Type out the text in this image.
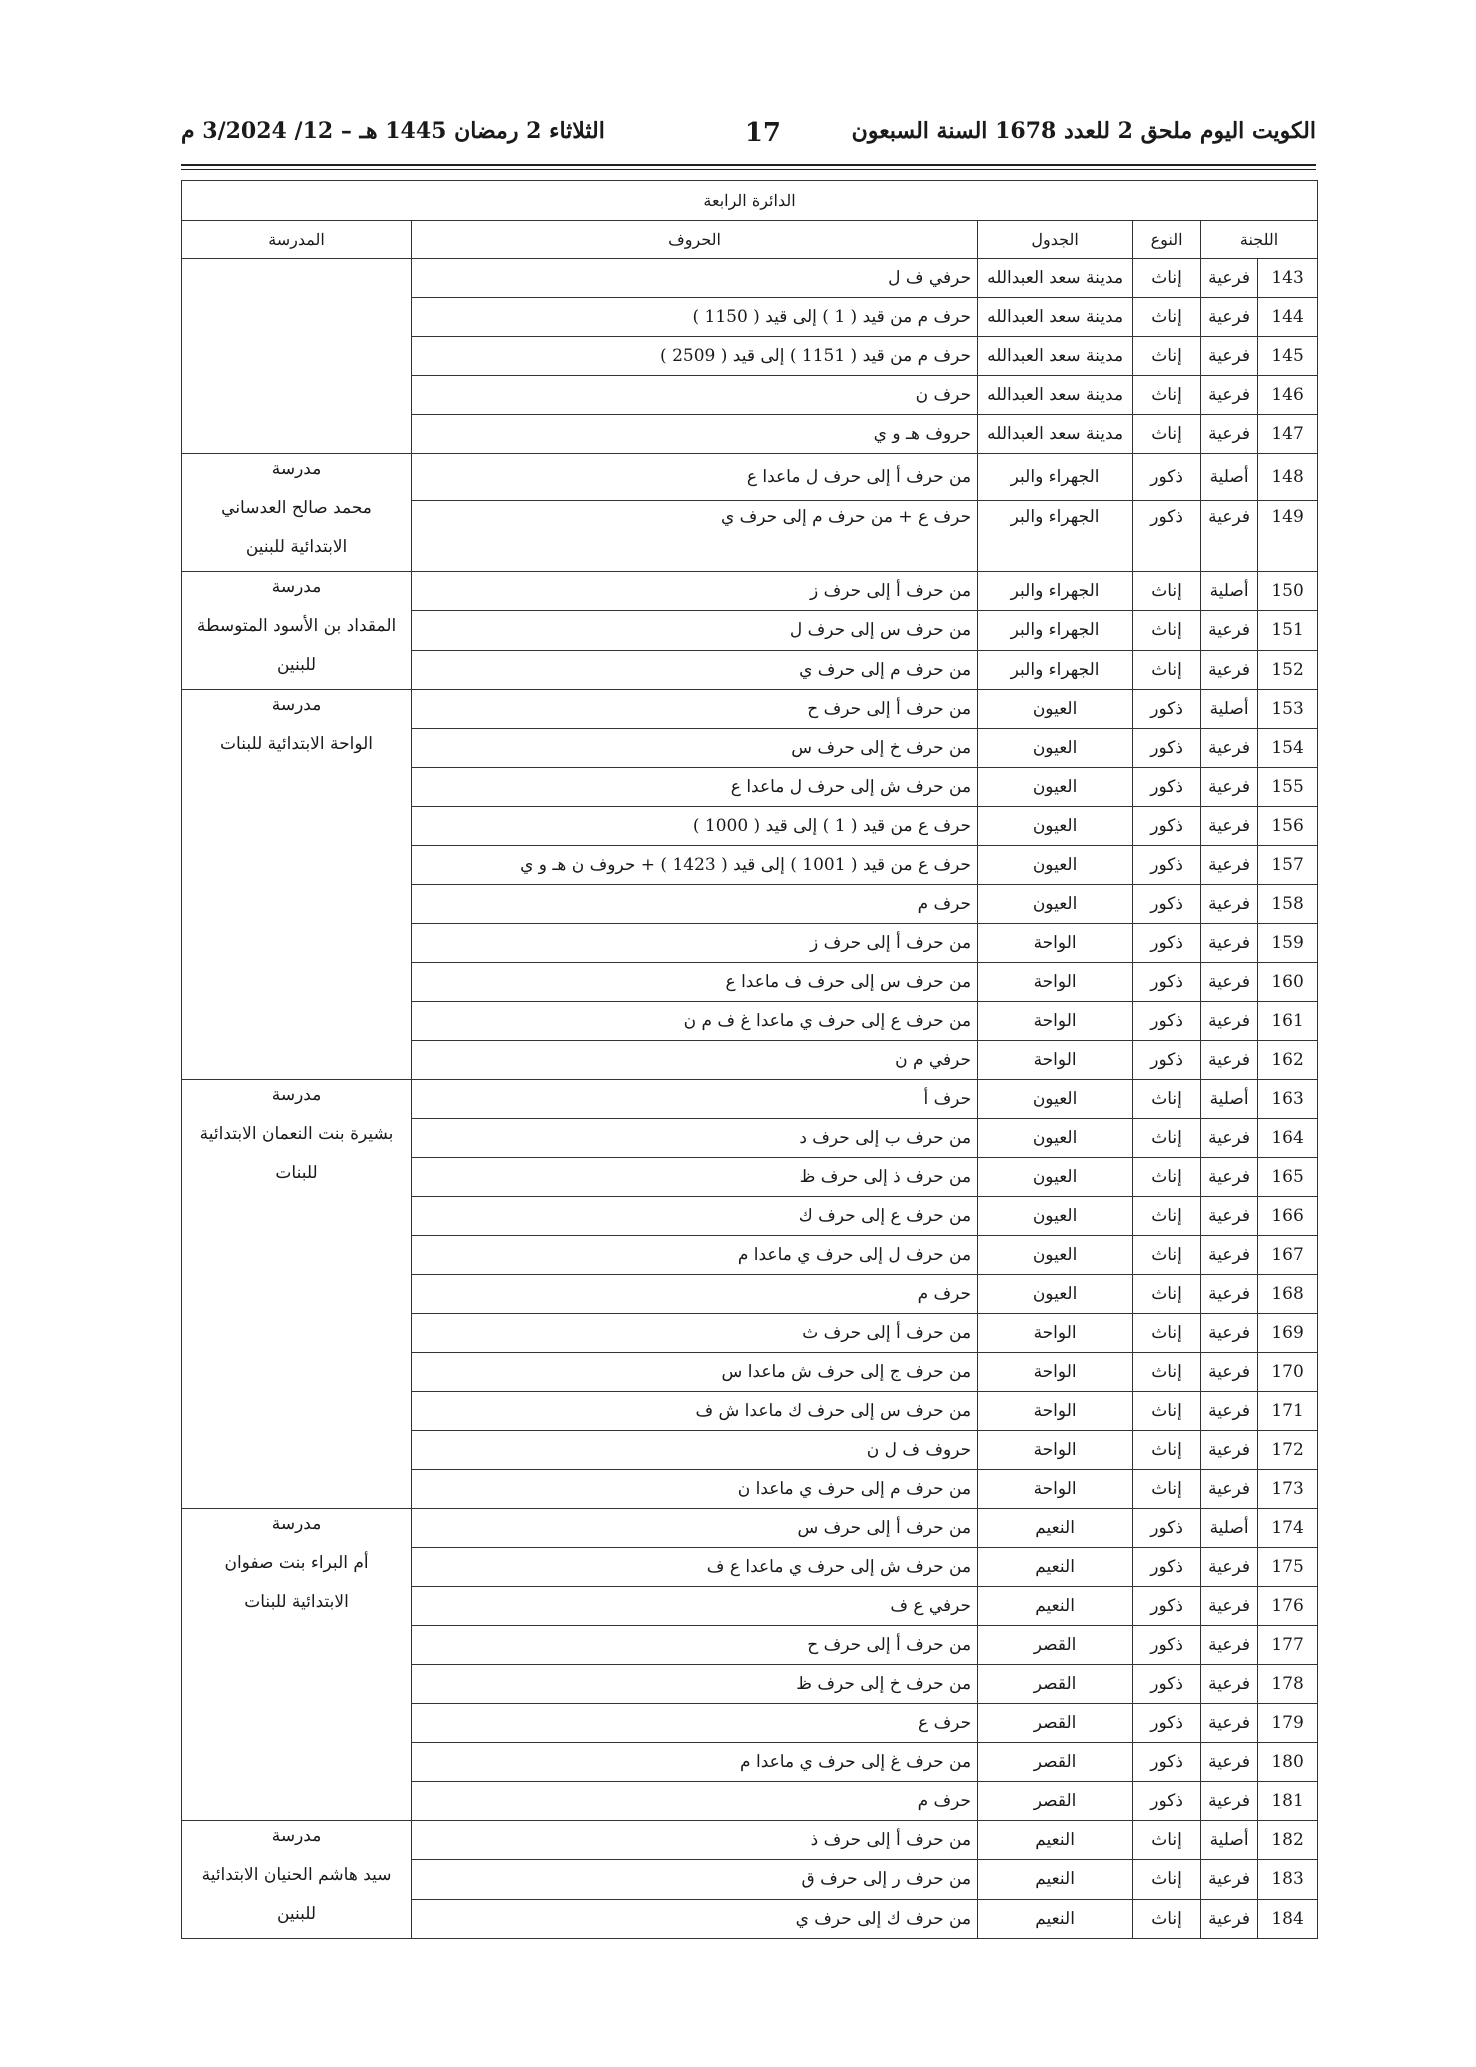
الكويت اليوم ملحق 2 للعدد 1678 السنة السبعون
17
الثلاثاء 2 رمضان 1445 هـ – 12/ 3/2024 م
الدائرة الرابعة					
اللجنة		النوع	الجدول	الحروف	المدرسة
143	فرعية	إناث	مدينة سعد العبدالله	حرفي ف ل	
144	فرعية	إناث	مدينة سعد العبدالله	حرف م من قيد ( 1 ) إلى قيد ( 1150 )	
145	فرعية	إناث	مدينة سعد العبدالله	حرف م من قيد ( 1151 ) إلى قيد ( 2509 )	
146	فرعية	إناث	مدينة سعد العبدالله	حرف ن	
147	فرعية	إناث	مدينة سعد العبدالله	حروف هـ و ي	
148	أصلية	ذكور	الجهراء والبر	من حرف أ إلى حرف ل ماعدا ع	مدرسة
محمد صالح العدساني
الابتدائية للبنين

149	فرعية	ذكور	الجهراء والبر	حرف ع + من حرف م إلى حرف ي	
150	أصلية	إناث	الجهراء والبر	من حرف أ إلى حرف ز	مدرسة
المقداد بن الأسود المتوسطة
للبنين

151	فرعية	إناث	الجهراء والبر	من حرف س إلى حرف ل	
152	فرعية	إناث	الجهراء والبر	من حرف م إلى حرف ي	
153	أصلية	ذكور	العيون	من حرف أ إلى حرف ح	مدرسة
الواحة الابتدائية للبنات

154	فرعية	ذكور	العيون	من حرف خ إلى حرف س	
155	فرعية	ذكور	العيون	من حرف ش إلى حرف ل ماعدا ع	
156	فرعية	ذكور	العيون	حرف ع من قيد ( 1 ) إلى قيد ( 1000 )	
157	فرعية	ذكور	العيون	حرف ع من قيد ( 1001 ) إلى قيد ( 1423 ) + حروف ن هـ و ي	
158	فرعية	ذكور	العيون	حرف م	
159	فرعية	ذكور	الواحة	من حرف أ إلى حرف ز	
160	فرعية	ذكور	الواحة	من حرف س إلى حرف ف ماعدا ع	
161	فرعية	ذكور	الواحة	من حرف ع إلى حرف ي ماعدا غ ف م ن	
162	فرعية	ذكور	الواحة	حرفي م ن	
163	أصلية	إناث	العيون	حرف أ	مدرسة
بشيرة بنت النعمان الابتدائية
للبنات

164	فرعية	إناث	العيون	من حرف ب إلى حرف د	
165	فرعية	إناث	العيون	من حرف ذ إلى حرف ظ	
166	فرعية	إناث	العيون	من حرف ع إلى حرف ك	
167	فرعية	إناث	العيون	من حرف ل إلى حرف ي ماعدا م	
168	فرعية	إناث	العيون	حرف م	
169	فرعية	إناث	الواحة	من حرف أ إلى حرف ث	
170	فرعية	إناث	الواحة	من حرف ج إلى حرف ش ماعدا س	
171	فرعية	إناث	الواحة	من حرف س إلى حرف ك ماعدا ش ف	
172	فرعية	إناث	الواحة	حروف ف ل ن	
173	فرعية	إناث	الواحة	من حرف م إلى حرف ي ماعدا ن	
174	أصلية	ذكور	النعيم	من حرف أ إلى حرف س	مدرسة
أم البراء بنت صفوان
الابتدائية للبنات

175	فرعية	ذكور	النعيم	من حرف ش إلى حرف ي ماعدا ع ف	
176	فرعية	ذكور	النعيم	حرفي ع ف	
177	فرعية	ذكور	القصر	من حرف أ إلى حرف ح	
178	فرعية	ذكور	القصر	من حرف خ إلى حرف ظ	
179	فرعية	ذكور	القصر	حرف ع	
180	فرعية	ذكور	القصر	من حرف غ إلى حرف ي ماعدا م	
181	فرعية	ذكور	القصر	حرف م	
182	أصلية	إناث	النعيم	من حرف أ إلى حرف ذ	مدرسة
سيد هاشم الحنيان الابتدائية
للبنين

183	فرعية	إناث	النعيم	من حرف ر إلى حرف ق	
184	فرعية	إناث	النعيم	من حرف ك إلى حرف ي	
